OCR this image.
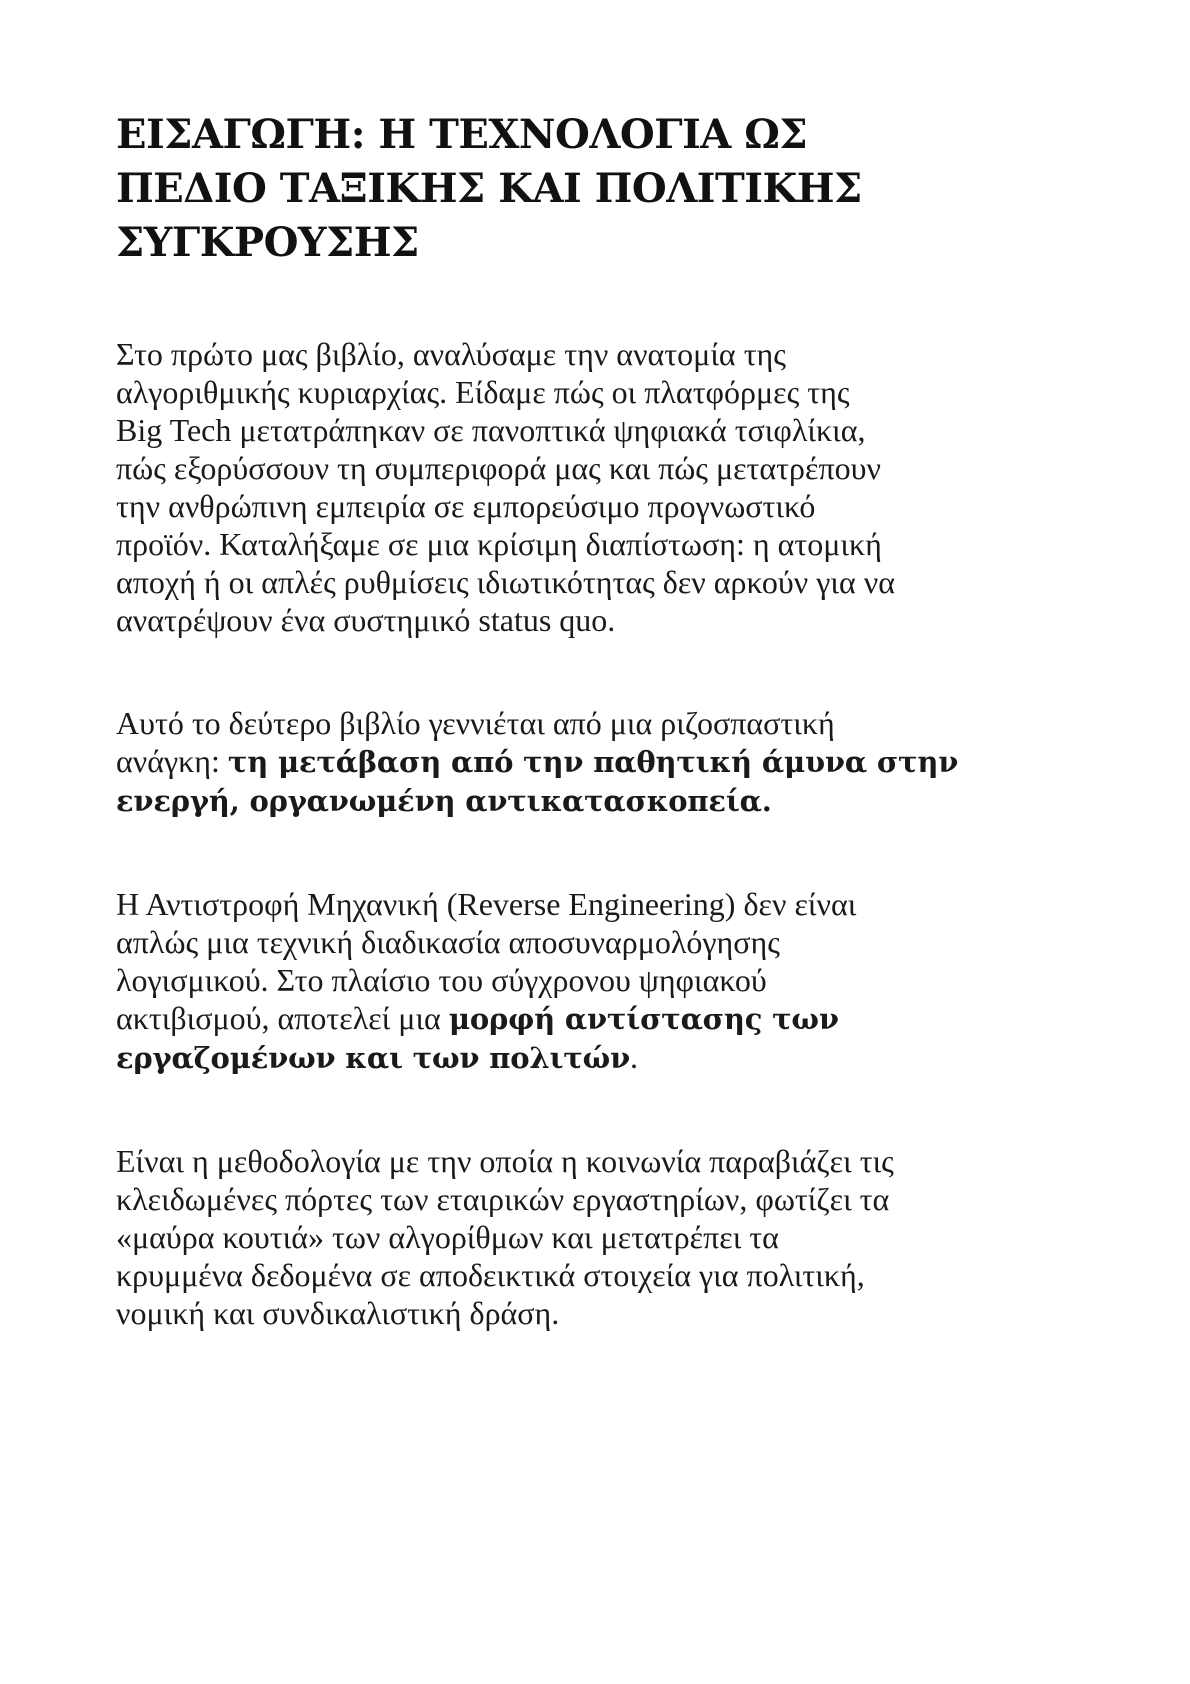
ΕΙΣΑΓΩΓΗ: Η ΤΕΧΝΟΛΟΓΙΑ ΩΣ
ΠΕΔΙΟ ΤΑΞΙΚΗΣ ΚΑΙ ΠΟΛΙΤΙΚΗΣ
ΣΥΓΚΡΟΥΣΗΣ

Στο πρώτο μας βιβλίο, αναλύσαμε την ανατομία της
αλγοριθμικής κυριαρχίας. Είδαμε πώς οι πλατφόρμες της
Big Tech μετατράπηκαν σε πανοπτικά ψηφιακά τσιφλίκια,
πώς εξορύσσουν τη συμπεριφορά μας και πώς μετατρέπουν
την ανθρώπινη εμπειρία σε εμπορεύσιμο προγνωστικό
προϊόν. Καταλήξαμε σε μια κρίσιμη διαπίστωση: η ατομική
αποχή ή οι απλές ρυθμίσεις ιδιωτικότητας δεν αρκούν για να
ανατρέψουν ένα συστημικό status quo.

Αυτό το δεύτερο βιβλίο γεννιέται από μια ριζοσπαστική
ανάγκη: τη μετάβαση από την παθητική άμυνα στην
ενεργή, οργανωμένη αντικατασκοπεία.

Η Αντιστροφή Μηχανική (Reverse Engineering) δεν είναι
απλώς μια τεχνική διαδικασία αποσυναρμολόγησης
λογισμικού. Στο πλαίσιο του σύγχρονου ψηφιακού
ακτιβισμού, αποτελεί μια μορφή αντίστασης των
εργαζομένων και των πολιτών.

Είναι η μεθοδολογία με την οποία η κοινωνία παραβιάζει τις
κλειδωμένες πόρτες των εταιρικών εργαστηρίων, φωτίζει τα
«μαύρα κουτιά» των αλγορίθμων και μετατρέπει τα
κρυμμένα δεδομένα σε αποδεικτικά στοιχεία για πολιτική,
νομική και συνδικαλιστική δράση.
